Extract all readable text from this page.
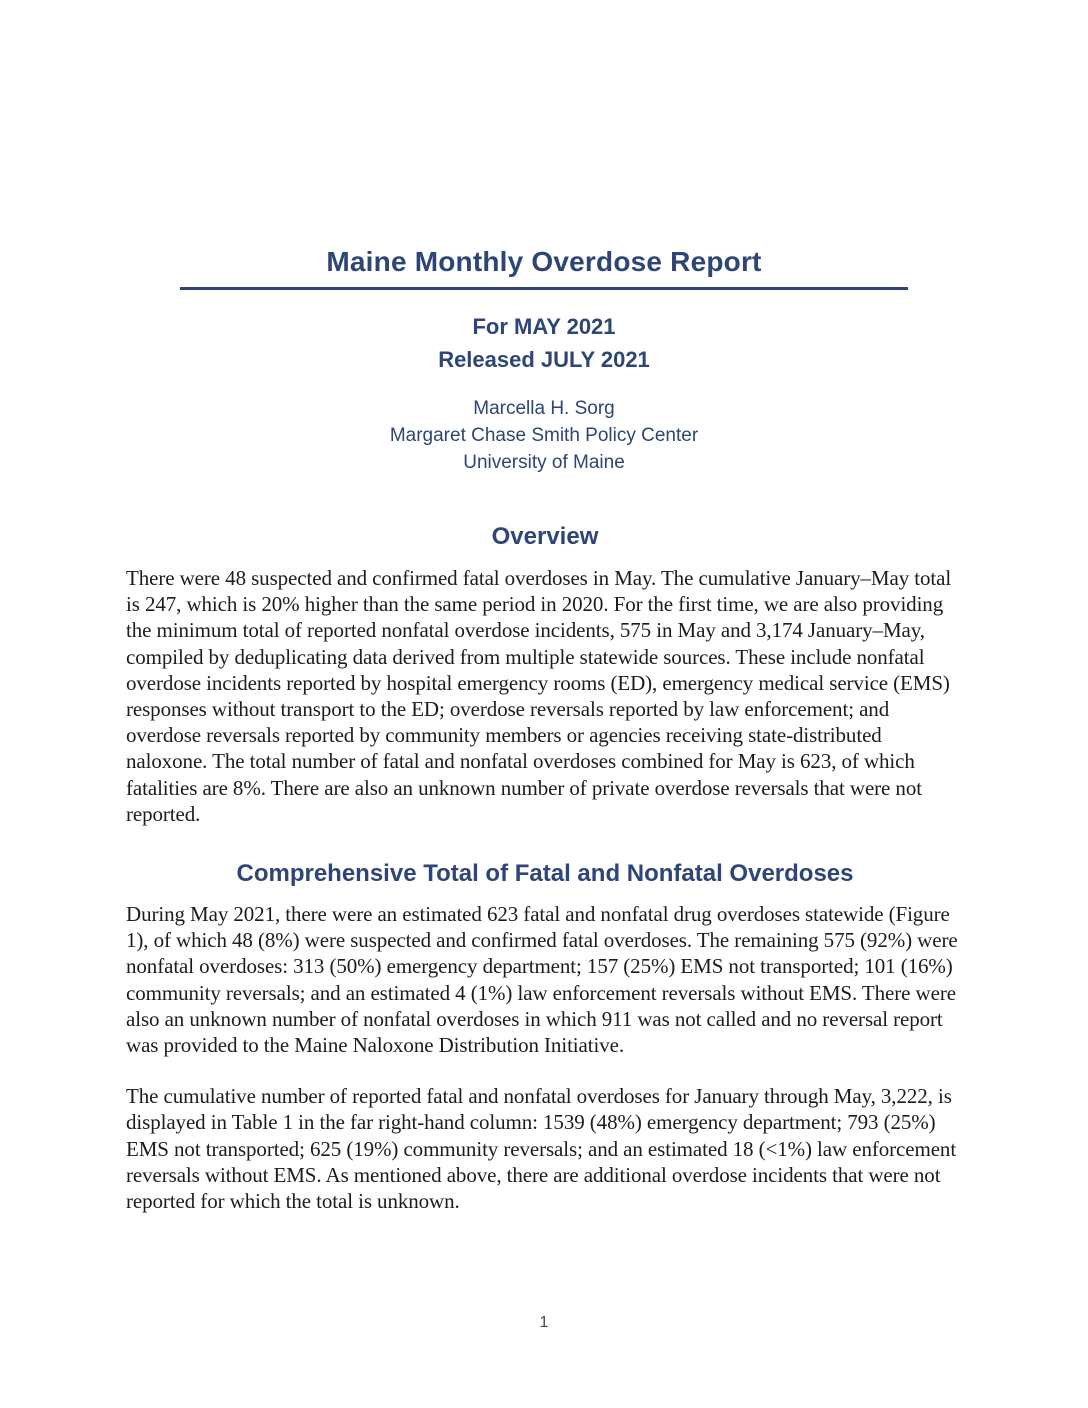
Maine Monthly Overdose Report
For MAY 2021
Released JULY 2021
Marcella H. Sorg
Margaret Chase Smith Policy Center
University of Maine
Overview

There were 48 suspected and confirmed fatal overdoses in May. The cumulative January–May total is 247, which is 20% higher than the same period in 2020. For the first time, we are also providing the minimum total of reported nonfatal overdose incidents, 575 in May and 3,174 January–May, compiled by deduplicating data derived from multiple statewide sources. These include nonfatal overdose incidents reported by hospital emergency rooms (ED), emergency medical service (EMS) responses without transport to the ED; overdose reversals reported by law enforcement; and overdose reversals reported by community members or agencies receiving state-distributed naloxone. The total number of fatal and nonfatal overdoses combined for May is 623, of which fatalities are 8%. There are also an unknown number of private overdose reversals that were not reported.

Comprehensive Total of Fatal and Nonfatal Overdoses

During May 2021, there were an estimated 623 fatal and nonfatal drug overdoses statewide (Figure 1), of which 48 (8%) were suspected and confirmed fatal overdoses. The remaining 575 (92%) were nonfatal overdoses: 313 (50%) emergency department; 157 (25%) EMS not transported; 101 (16%) community reversals; and an estimated 4 (1%) law enforcement reversals without EMS. There were also an unknown number of nonfatal overdoses in which 911 was not called and no reversal report was provided to the Maine Naloxone Distribution Initiative.

The cumulative number of reported fatal and nonfatal overdoses for January through May, 3,222, is displayed in Table 1 in the far right-hand column: 1539 (48%) emergency department; 793 (25%) EMS not transported; 625 (19%) community reversals; and an estimated 18 (<1%) law enforcement reversals without EMS. As mentioned above, there are additional overdose incidents that were not reported for which the total is unknown.

1
